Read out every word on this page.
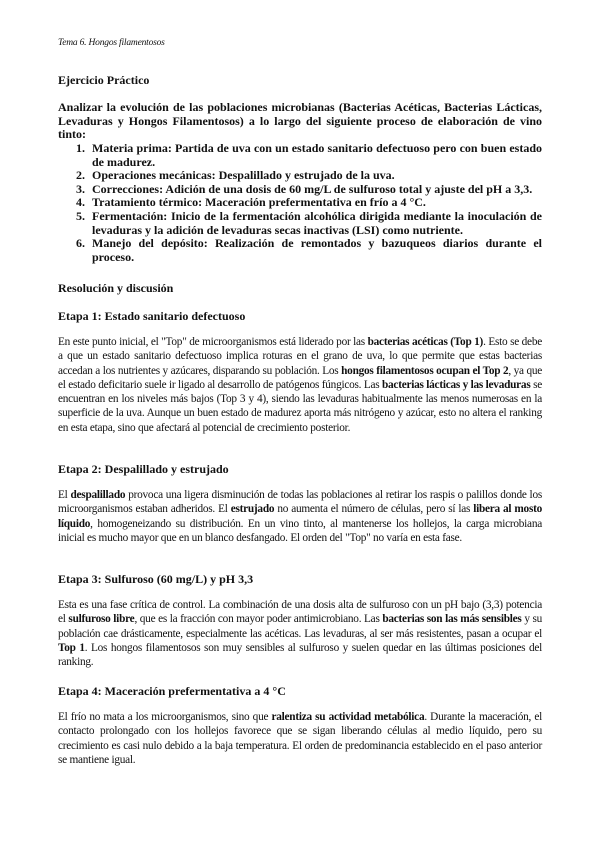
Tema 6. Hongos filamentosos
Ejercicio Práctico
Analizar la evolución de las poblaciones microbianas (Bacterias Acéticas, Bacterias Lácticas, Levaduras y Hongos Filamentosos) a lo largo del siguiente proceso de elaboración de vino tinto:
1. Materia prima: Partida de uva con un estado sanitario defectuoso pero con buen estado de madurez.
2. Operaciones mecánicas: Despalillado y estrujado de la uva.
3. Correcciones: Adición de una dosis de 60 mg/L de sulfuroso total y ajuste del pH a 3,3.
4. Tratamiento térmico: Maceración prefermentativa en frío a 4 °C.
5. Fermentación: Inicio de la fermentación alcohólica dirigida mediante la inoculación de levaduras y la adición de levaduras secas inactivas (LSI) como nutriente.
6. Manejo del depósito: Realización de remontados y bazuqueos diarios durante el proceso.
Resolución y discusión
Etapa 1: Estado sanitario defectuoso
En este punto inicial, el "Top" de microorganismos está liderado por las bacterias acéticas (Top 1). Esto se debe a que un estado sanitario defectuoso implica roturas en el grano de uva, lo que permite que estas bacterias accedan a los nutrientes y azúcares, disparando su población. Los hongos filamentosos ocupan el Top 2, ya que el estado deficitario suele ir ligado al desarrollo de patógenos fúngicos. Las bacterias lácticas y las levaduras se encuentran en los niveles más bajos (Top 3 y 4), siendo las levaduras habitualmente las menos numerosas en la superficie de la uva. Aunque un buen estado de madurez aporta más nitrógeno y azúcar, esto no altera el ranking en esta etapa, sino que afectará al potencial de crecimiento posterior.
Etapa 2: Despalillado y estrujado
El despalillado provoca una ligera disminución de todas las poblaciones al retirar los raspis o palillos donde los microorganismos estaban adheridos. El estrujado no aumenta el número de células, pero sí las libera al mosto líquido, homogeneizando su distribución. En un vino tinto, al mantenerse los hollejos, la carga microbiana inicial es mucho mayor que en un blanco desfangado. El orden del "Top" no varía en esta fase.
Etapa 3: Sulfuroso (60 mg/L) y pH 3,3
Esta es una fase crítica de control. La combinación de una dosis alta de sulfuroso con un pH bajo (3,3) potencia el sulfuroso libre, que es la fracción con mayor poder antimicrobiano. Las bacterias son las más sensibles y su población cae drásticamente, especialmente las acéticas. Las levaduras, al ser más resistentes, pasan a ocupar el Top 1. Los hongos filamentosos son muy sensibles al sulfuroso y suelen quedar en las últimas posiciones del ranking.
Etapa 4: Maceración prefermentativa a 4 °C
El frío no mata a los microorganismos, sino que ralentiza su actividad metabólica. Durante la maceración, el contacto prolongado con los hollejos favorece que se sigan liberando células al medio líquido, pero su crecimiento es casi nulo debido a la baja temperatura. El orden de predominancia establecido en el paso anterior se mantiene igual.
